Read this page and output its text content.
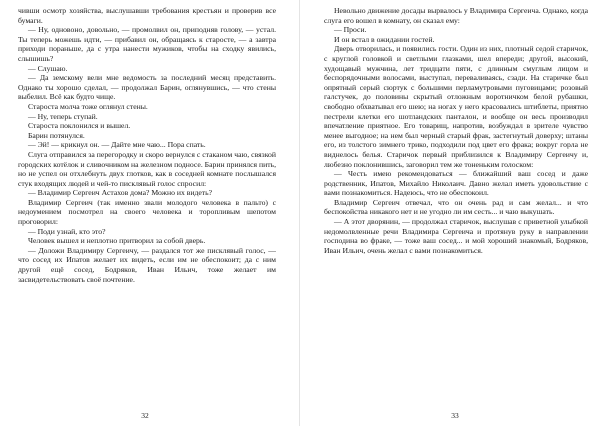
чивши осмотр хозяйства, выслушавши требования крестьян и проверив все бумаги.

— Ну, одновоно, довольно, — промолвил он, приподняв голову, — устал. Ты теперь можешь идти, — прибавил он, обращаясь к старосте, — а завтра приходи пораньше, да с утра нанести мужиков, чтобы на сходку явились, слышишь?

— Слушаю.

— Да земскому вели мне ведомость за последний месяц представить. Однако ты хорошо сделал, — продолжал Барин, оглянувшись, — что стены выбелил. Всё как будто чище.

Староста молча тоже оглянул стены.

— Ну, теперь ступай.

Староста поклонился и вышел.

Барин потянулся.

— Эй! — крикнул он. — Дайте мне чаю... Пора спать.

Слуга отправился за перегородку и скоро вернулся с стаканом чаю, связкой городских котёлок и сливочником на железном подносе. Барин принялся пить, но не успел он отхлебнуть двух глотков, как в соседней комнате послышался стук входящих людей и чей-то писклявый голос спросил:

— Владимир Сергеич Астахов дома? Можно их видеть?

Владимир Сергеич (так именно звали молодого человека в пальто) с недоумением посмотрел на своего человека и торопливым шепотом проговорил:

— Поди узнай, кто это?

Человек вышел и неплотно притворил за собой дверь.

— Доложи Владимиру Сергеичу, — раздался тот же писклявый голос, — что сосед их Ипатов желает их видеть, если им не обеспокоит; да с ним другой ещё сосед, Бодряков, Иван Ильич, тоже желает им засвидетельствовать своё почтение.

32

Невольно движение досады вырвалось у Владимира Сергеича. Однако, когда слуга его вошел в комнату, он сказал ему:

— Проси.

И он встал в ожидании гостей.

Дверь отворилась, и появились гости. Один из них, плотный седой старичок, с круглой головкой и светлыми глазками, шел впереди; другой, высокий, худощавый мужчина, лет тридцати пяти, с длинным смуглым лицом и беспорядочными волосами, выступал, переваливаясь, сзади. На старичке был опрятный серый сюртук с большими перламутровыми пуговицами; розовый галстучек, до половины скрытый отложным воротничком белой рубашки, свободно обхватывал его шею; на ногах у него красовались штиблеты, приятно пестрели клетки его шотландских панталон, и вообще он весь производил впечатление приятное. Его товарищ, напротив, возбуждал в зрителе чувство менее выгодное; на нем был черный старый фрак, застегнутый доверху; штаны его, из толстого зимнего трико, подходили под цвет его фрака; вокруг горла не виднелось белья. Старичок первый приблизился к Владимиру Сергеичу и, любезно поклонившись, заговорил тем же тоненьким голоском:

— Честь имею рекомендоваться — ближайший ваш сосед и даже родственник, Ипатов, Михайло Николаич. Давно желал иметь удовольствие с вами познакомиться. Надеюсь, что не обеспокоил.

Владимир Сергеич отвечал, что он очень рад и сам желал... и что беспокойства никакого нет и не угодно ли им сесть... и чаю выкушать.

— А этот дворянин, — продолжал старичок, выслушав с приветной улыбкой недомолвленные речи Владимира Сергеича и протянув руку в направлении господина во фраке, — тоже ваш сосед... и мой хороший знакомый, Бодряков, Иван Ильич, очень желал с вами познакомиться.

33
